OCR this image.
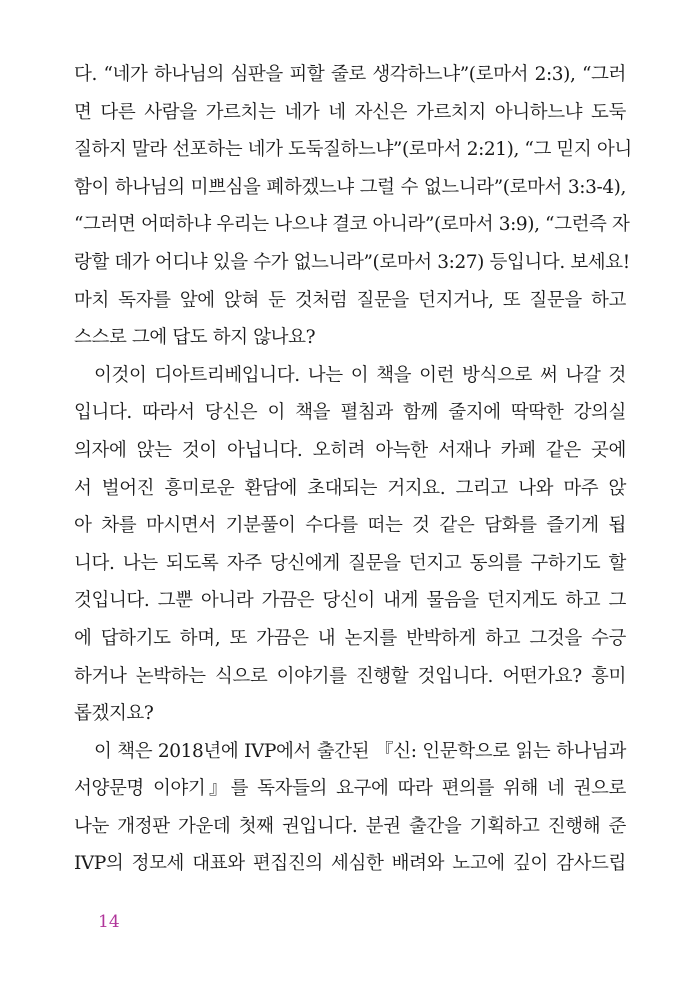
다. “네가 하나님의 심판을 피할 줄로 생각하느냐”(로마서 2:3), “그러
면 다른 사람을 가르치는 네가 네 자신은 가르치지 아니하느냐 도둑
질하지 말라 선포하는 네가 도둑질하느냐”(로마서 2:21), “그 믿지 아니
함이 하나님의 미쁘심을 폐하겠느냐 그럴 수 없느니라”(로마서 3:3-4),
“그러면 어떠하냐 우리는 나으냐 결코 아니라”(로마서 3:9), “그런즉 자
랑할 데가 어디냐 있을 수가 없느니라”(로마서 3:27) 등입니다. 보세요!
마치 독자를 앞에 앉혀 둔 것처럼 질문을 던지거나, 또 질문을 하고
스스로 그에 답도 하지 않나요?
이것이 디아트리베입니다. 나는 이 책을 이런 방식으로 써 나갈 것
입니다. 따라서 당신은 이 책을 펼침과 함께 줄지에 딱딱한 강의실
의자에 앉는 것이 아닙니다. 오히려 아늑한 서재나 카페 같은 곳에
서 벌어진 흥미로운 환담에 초대되는 거지요. 그리고 나와 마주 앉
아 차를 마시면서 기분풀이 수다를 떠는 것 같은 담화를 즐기게 됩
니다. 나는 되도록 자주 당신에게 질문을 던지고 동의를 구하기도 할
것입니다. 그뿐 아니라 가끔은 당신이 내게 물음을 던지게도 하고 그
에 답하기도 하며, 또 가끔은 내 논지를 반박하게 하고 그것을 수긍
하거나 논박하는 식으로 이야기를 진행할 것입니다. 어떤가요? 흥미
롭겠지요?
이 책은 2018년에 IVP에서 출간된 『신: 인문학으로 읽는 하나님과
서양문명 이야기』를 독자들의 요구에 따라 편의를 위해 네 권으로
나눈 개정판 가운데 첫째 권입니다. 분권 출간을 기획하고 진행해 준
IVP의 정모세 대표와 편집진의 세심한 배려와 노고에 깊이 감사드립
14
